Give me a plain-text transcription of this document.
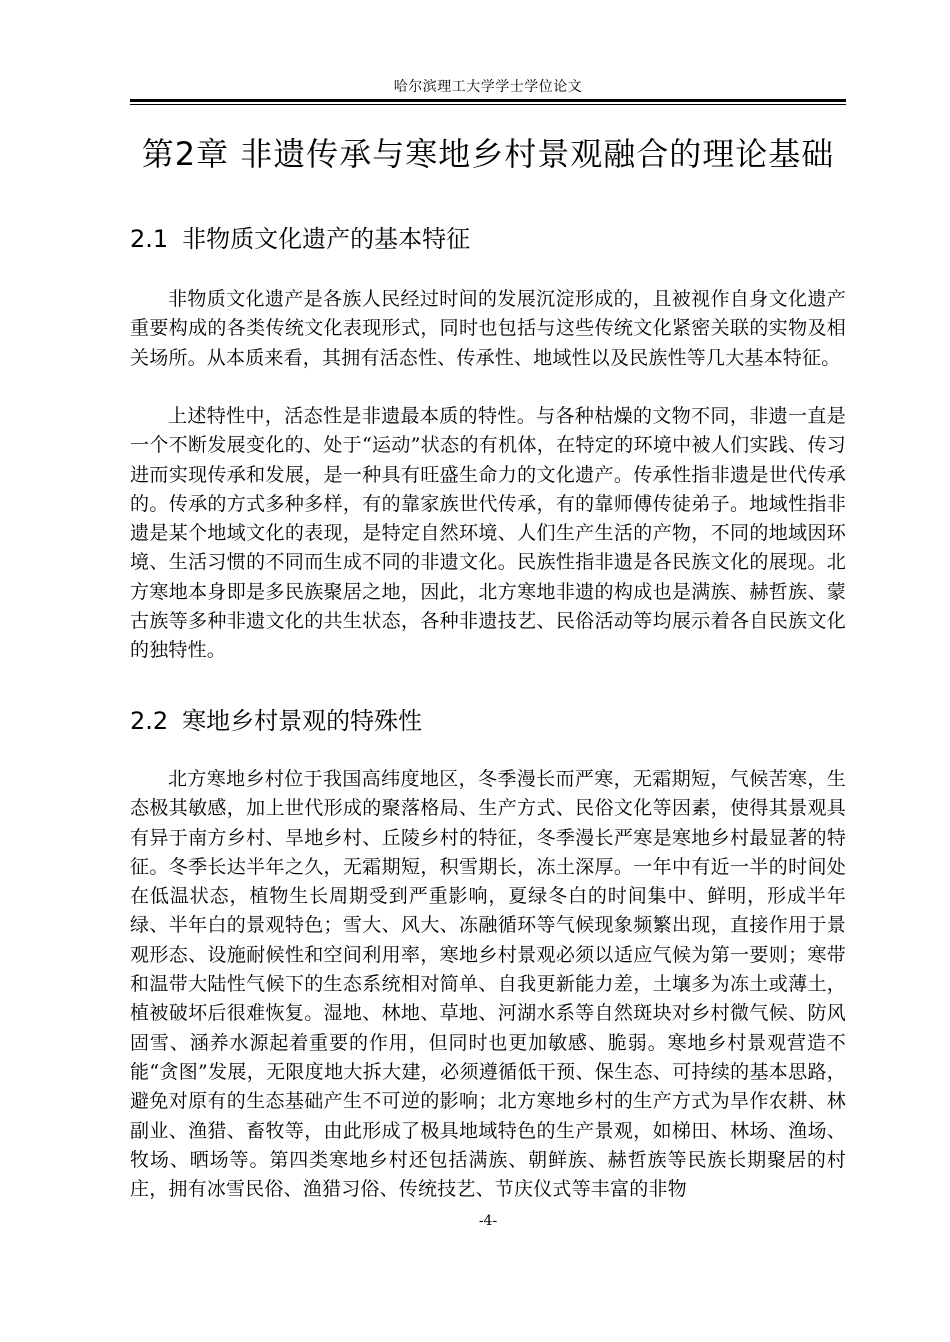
哈尔滨理工大学学士学位论文
第2章 非遗传承与寒地乡村景观融合的理论基础
2.1 非物质文化遗产的基本特征

非物质文化遗产是各族人民经过时间的发展沉淀形成的，且被视作自身文化遗产重要构成的各类传统文化表现形式，同时也包括与这些传统文化紧密关联的实物及相关场所。从本质来看，其拥有活态性、传承性、地域性以及民族性等几大基本特征。

上述特性中，活态性是非遗最本质的特性。与各种枯燥的文物不同，非遗一直是一个不断发展变化的、处于“运动”状态的有机体，在特定的环境中被人们实践、传习进而实现传承和发展，是一种具有旺盛生命力的文化遗产。传承性指非遗是世代传承的。传承的方式多种多样，有的靠家族世代传承，有的靠师傅传徒弟子。地域性指非遗是某个地域文化的表现，是特定自然环境、人们生产生活的产物，不同的地域因环境、生活习惯的不同而生成不同的非遗文化。民族性指非遗是各民族文化的展现。北方寒地本身即是多民族聚居之地，因此，北方寒地非遗的构成也是满族、赫哲族、蒙古族等多种非遗文化的共生状态，各种非遗技艺、民俗活动等均展示着各自民族文化的独特性。

2.2 寒地乡村景观的特殊性

北方寒地乡村位于我国高纬度地区，冬季漫长而严寒，无霜期短，气候苦寒，生态极其敏感，加上世代形成的聚落格局、生产方式、民俗文化等因素，使得其景观具有异于南方乡村、旱地乡村、丘陵乡村的特征，冬季漫长严寒是寒地乡村最显著的特征。冬季长达半年之久，无霜期短，积雪期长，冻土深厚。一年中有近一半的时间处在低温状态，植物生长周期受到严重影响，夏绿冬白的时间集中、鲜明，形成半年绿、半年白的景观特色；雪大、风大、冻融循环等气候现象频繁出现，直接作用于景观形态、设施耐候性和空间利用率，寒地乡村景观必须以适应气候为第一要则；寒带和温带大陆性气候下的生态系统相对简单、自我更新能力差，土壤多为冻土或薄土，植被破坏后很难恢复。湿地、林地、草地、河湖水系等自然斑块对乡村微气候、防风固雪、涵养水源起着重要的作用，但同时也更加敏感、脆弱。寒地乡村景观营造不能“贪图”发展，无限度地大拆大建，必须遵循低干预、保生态、可持续的基本思路，避免对原有的生态基础产生不可逆的影响；北方寒地乡村的生产方式为旱作农耕、林副业、渔猎、畜牧等，由此形成了极具地域特色的生产景观，如梯田、林场、渔场、牧场、晒场等。第四类寒地乡村还包括满族、朝鲜族、赫哲族等民族长期聚居的村庄，拥有冰雪民俗、渔猎习俗、传统技艺、节庆仪式等丰富的非物

-4-
